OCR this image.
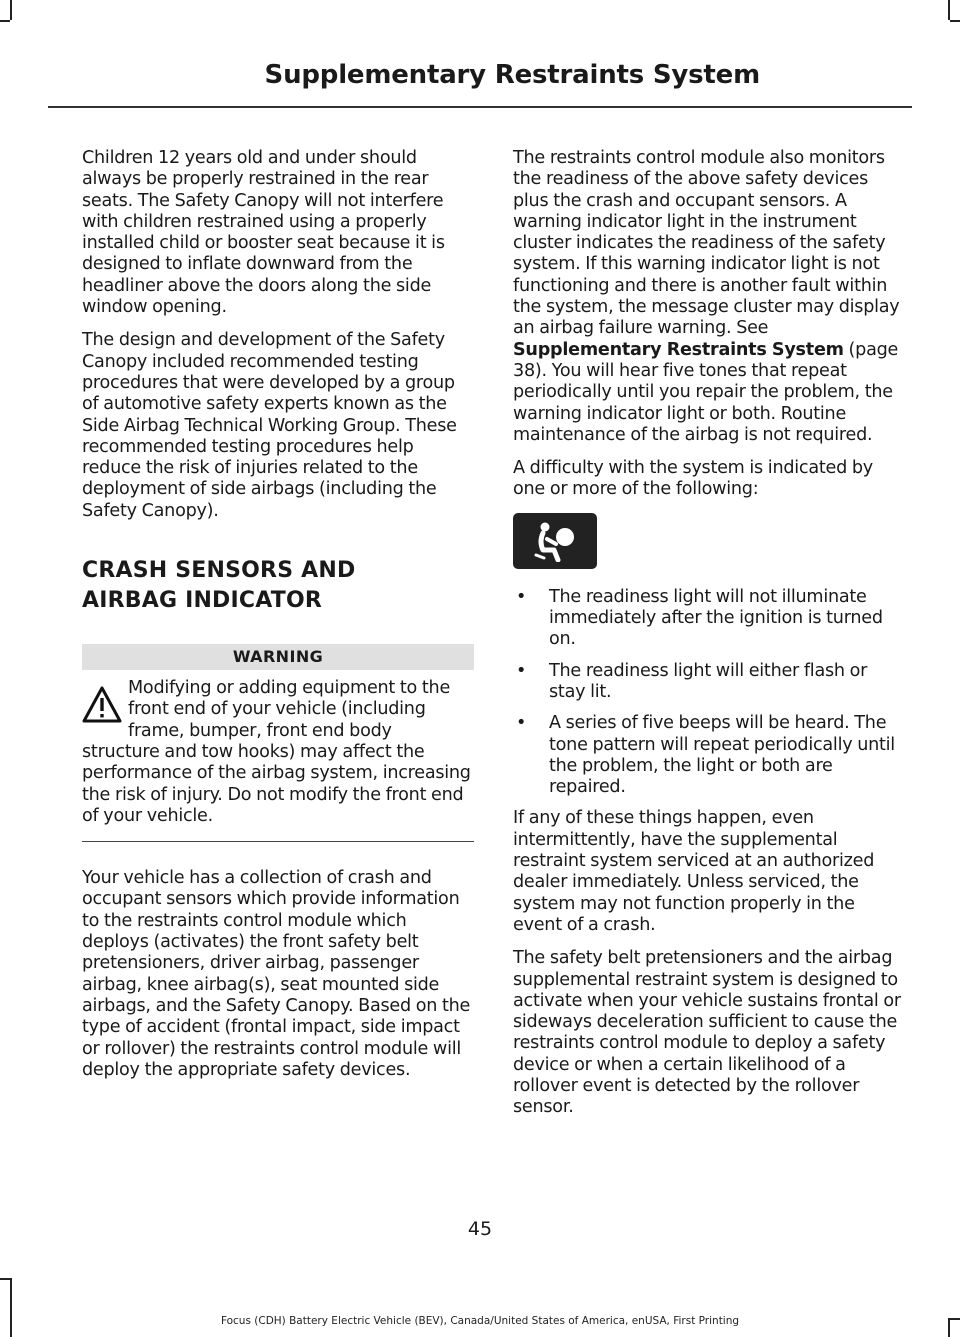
Supplementary Restraints System

Children 12 years old and under should always be properly restrained in the rear seats. The Safety Canopy will not interfere with children restrained using a properly installed child or booster seat because it is designed to inflate downward from the headliner above the doors along the side window opening.

The design and development of the Safety Canopy included recommended testing procedures that were developed by a group of automotive safety experts known as the Side Airbag Technical Working Group. These recommended testing procedures help reduce the risk of injuries related to the deployment of side airbags (including the Safety Canopy).

CRASH SENSORS AND
AIRBAG INDICATOR
WARNING
Modifying or adding equipment to the front end of your vehicle (including frame, bumper, front end body structure and tow hooks) may affect the performance of the airbag system, increasing the risk of injury. Do not modify the front end of your vehicle.

Your vehicle has a collection of crash and occupant sensors which provide information to the restraints control module which deploys (activates) the front safety belt pretensioners, driver airbag, passenger airbag, knee airbag(s), seat mounted side airbags, and the Safety Canopy. Based on the type of accident (frontal impact, side impact or rollover) the restraints control module will deploy the appropriate safety devices.

The restraints control module also monitors the readiness of the above safety devices plus the crash and occupant sensors. A warning indicator light in the instrument cluster indicates the readiness of the safety system. If this warning indicator light is not functioning and there is another fault within the system, the message cluster may display an airbag failure warning. See Supplementary Restraints System (page 38). You will hear five tones that repeat periodically until you repair the problem, the warning indicator light or both. Routine maintenance of the airbag is not required.

A difficulty with the system is indicated by one or more of the following:

• The readiness light will not illuminate immediately after the ignition is turned on.
• The readiness light will either flash or stay lit.
• A series of five beeps will be heard. The tone pattern will repeat periodically until the problem, the light or both are repaired.

If any of these things happen, even intermittently, have the supplemental restraint system serviced at an authorized dealer immediately. Unless serviced, the system may not function properly in the event of a crash.

The safety belt pretensioners and the airbag supplemental restraint system is designed to activate when your vehicle sustains frontal or sideways deceleration sufficient to cause the restraints control module to deploy a safety device or when a certain likelihood of a rollover event is detected by the rollover sensor.

45
Focus (CDH) Battery Electric Vehicle (BEV), Canada/United States of America, enUSA, First Printing
